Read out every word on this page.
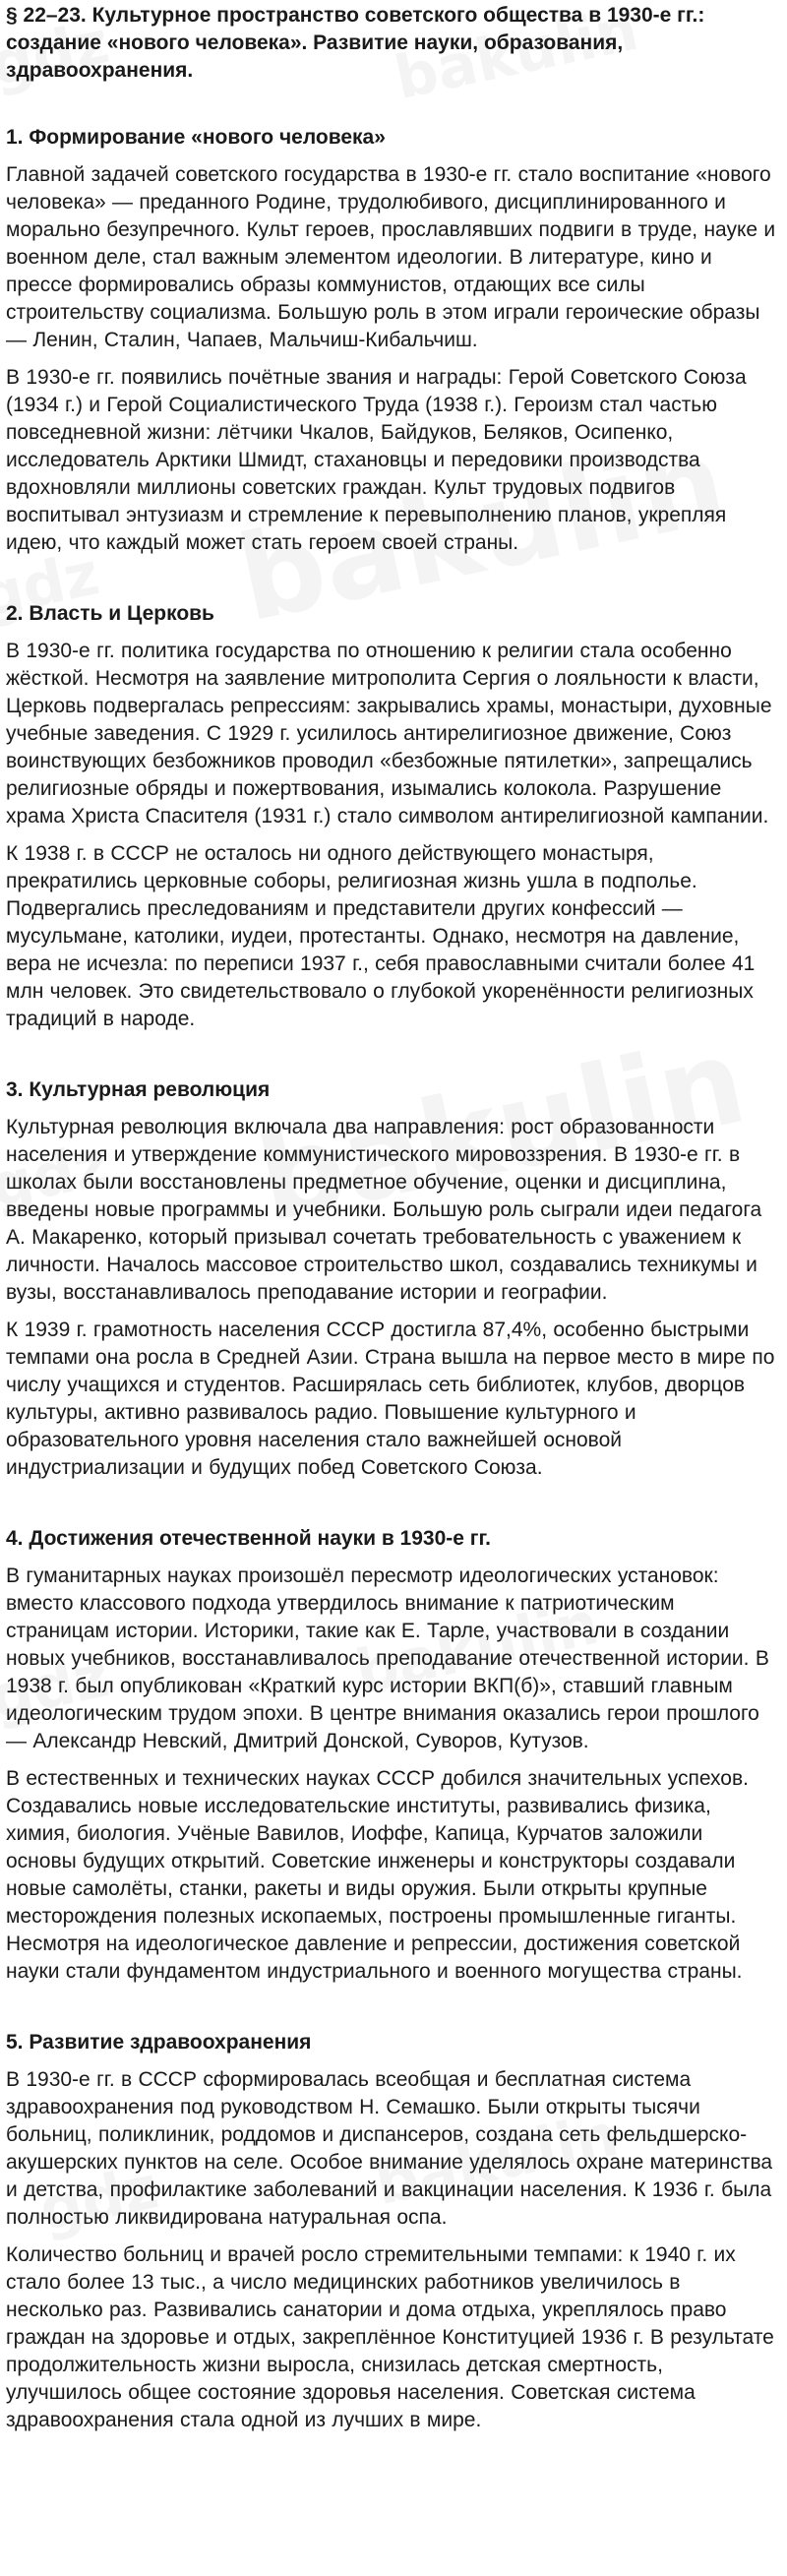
§ 22–23. Культурное пространство советского общества в 1930-е гг.: создание «нового человека». Развитие науки, образования, здравоохранения.
1. Формирование «нового человека»

Главной задачей советского государства в 1930-е гг. стало воспитание «нового человека» — преданного Родине, трудолюбивого, дисциплинированного и морально безупречного. Культ героев, прославлявших подвиги в труде, науке и военном деле, стал важным элементом идеологии. В литературе, кино и прессе формировались образы коммунистов, отдающих все силы строительству социализма. Большую роль в этом играли героические образы — Ленин, Сталин, Чапаев, Мальчиш-Кибальчиш.

В 1930-е гг. появились почётные звания и награды: Герой Советского Союза (1934 г.) и Герой Социалистического Труда (1938 г.). Героизм стал частью повседневной жизни: лётчики Чкалов, Байдуков, Беляков, Осипенко, исследователь Арктики Шмидт, стахановцы и передовики производства вдохновляли миллионы советских граждан. Культ трудовых подвигов воспитывал энтузиазм и стремление к перевыполнению планов, укрепляя идею, что каждый может стать героем своей страны.

2. Власть и Церковь

В 1930-е гг. политика государства по отношению к религии стала особенно жёсткой. Несмотря на заявление митрополита Сергия о лояльности к власти, Церковь подвергалась репрессиям: закрывались храмы, монастыри, духовные учебные заведения. С 1929 г. усилилось антирелигиозное движение, Союз воинствующих безбожников проводил «безбожные пятилетки», запрещались религиозные обряды и пожертвования, изымались колокола. Разрушение храма Христа Спасителя (1931 г.) стало символом антирелигиозной кампании.

К 1938 г. в СССР не осталось ни одного действующего монастыря, прекратились церковные соборы, религиозная жизнь ушла в подполье. Подвергались преследованиям и представители других конфессий — мусульмане, католики, иудеи, протестанты. Однако, несмотря на давление, вера не исчезла: по переписи 1937 г., себя православными считали более 41 млн человек. Это свидетельствовало о глубокой укоренённости религиозных традиций в народе.

3. Культурная революция

Культурная революция включала два направления: рост образованности населения и утверждение коммунистического мировоззрения. В 1930-е гг. в школах были восстановлены предметное обучение, оценки и дисциплина, введены новые программы и учебники. Большую роль сыграли идеи педагога А. Макаренко, который призывал сочетать требовательность с уважением к личности. Началось массовое строительство школ, создавались техникумы и вузы, восстанавливалось преподавание истории и географии.

К 1939 г. грамотность населения СССР достигла 87,4%, особенно быстрыми темпами она росла в Средней Азии. Страна вышла на первое место в мире по числу учащихся и студентов. Расширялась сеть библиотек, клубов, дворцов культуры, активно развивалось радио. Повышение культурного и образовательного уровня населения стало важнейшей основой индустриализации и будущих побед Советского Союза.

4. Достижения отечественной науки в 1930-е гг.

В гуманитарных науках произошёл пересмотр идеологических установок: вместо классового подхода утвердилось внимание к патриотическим страницам истории. Историки, такие как Е. Тарле, участвовали в создании новых учебников, восстанавливалось преподавание отечественной истории. В 1938 г. был опубликован «Краткий курс истории ВКП(б)», ставший главным идеологическим трудом эпохи. В центре внимания оказались герои прошлого — Александр Невский, Дмитрий Донской, Суворов, Кутузов.

В естественных и технических науках СССР добился значительных успехов. Создавались новые исследовательские институты, развивались физика, химия, биология. Учёные Вавилов, Иоффе, Капица, Курчатов заложили основы будущих открытий. Советские инженеры и конструкторы создавали новые самолёты, станки, ракеты и виды оружия. Были открыты крупные месторождения полезных ископаемых, построены промышленные гиганты. Несмотря на идеологическое давление и репрессии, достижения советской науки стали фундаментом индустриального и военного могущества страны.

5. Развитие здравоохранения

В 1930-е гг. в СССР сформировалась всеобщая и бесплатная система здравоохранения под руководством Н. Семашко. Были открыты тысячи больниц, поликлиник, роддомов и диспансеров, создана сеть фельдшерско-акушерских пунктов на селе. Особое внимание уделялось охране материнства и детства, профилактике заболеваний и вакцинации населения. К 1936 г. была полностью ликвидирована натуральная оспа.

Количество больниц и врачей росло стремительными темпами: к 1940 г. их стало более 13 тыс., а число медицинских работников увеличилось в несколько раз. Развивались санатории и дома отдыха, укреплялось право граждан на здоровье и отдых, закреплённое Конституцией 1936 г. В результате продолжительность жизни выросла, снизилась детская смертность, улучшилось общее состояние здоровья населения. Советская система здравоохранения стала одной из лучших в мире.
